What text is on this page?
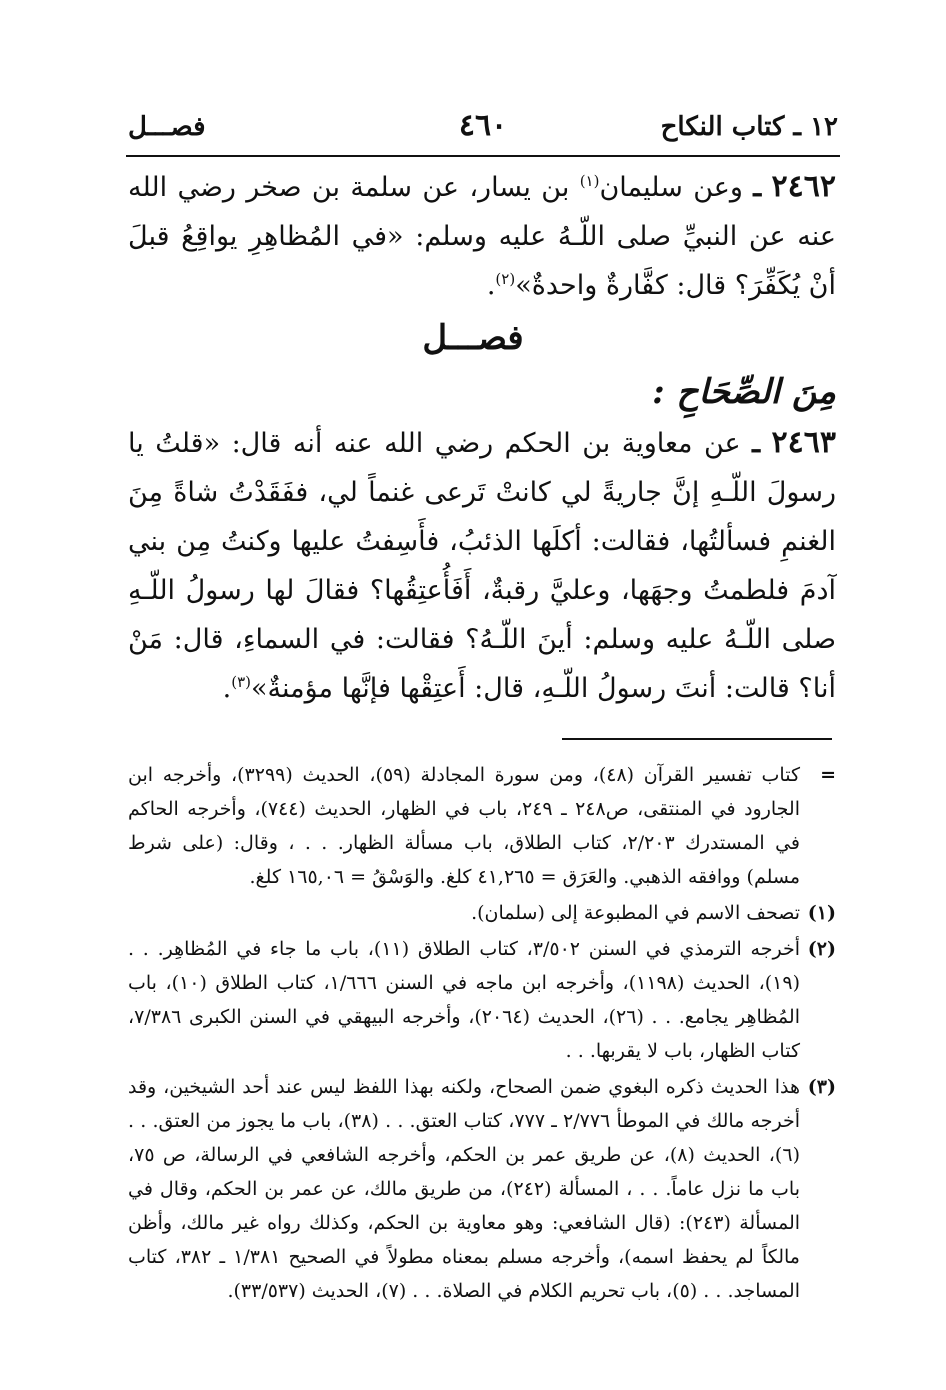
١٢ ـ كتاب النكاح
٤٦٠
فصـــل

٢٤٦٢ ـ وعن سليمان$^{(١)}$ بن يسار، عن سلمة بن صخر رضي الله عنه عن النبيِّ صلى اللّـهُ عليه وسلم: «في المُظاهِرِ يواقِعُ قبلَ أنْ يُكَفِّرَ؟ قال: كفَّارةٌ واحدةٌ»$^{(٢)}$.

فصـــل
مِنَ الصِّحَاحِ :

٢٤٦٣ ـ عن معاوية بن الحكم رضي الله عنه أنه قال: «قلتُ يا رسولَ اللّـهِ إنَّ جاريةً لي كانتْ تَرعى غنماً لي، ففَقَدْتُ شاةً مِنَ الغنمِ فسألتُها، فقالت: أكلَها الذئبُ، فأَسِفتُ عليها وكنتُ مِن بني آدمَ فلطمتُ وجهَها، وعليَّ رقبةٌ، أَفَأُعتِقُها؟ فقالَ لها رسولُ اللّـهِ صلى اللّـهُ عليه وسلم: أينَ اللّـهُ؟ فقالت: في السماءِ، قال: مَنْ أنا؟ قالت: أنتَ رسولُ اللّـهِ، قال: أَعتِقْها فإنَّها مؤمنةٌ»$^{(٣)}$.

=
كتاب تفسير القرآن (٤٨)، ومن سورة المجادلة (٥٩)، الحديث (٣٢٩٩)، وأخرجه ابن الجارود في المنتقى، ص٢٤٨ ـ ٢٤٩، باب في الظهار، الحديث (٧٤٤)، وأخرجه الحاكم في المستدرك ٢/٢٠٣، كتاب الطلاق، باب مسألة الظهار. . . ، وقال: (على شرط مسلم) ووافقه الذهبي. والعَرَق = ٤١,٢٦٥ كلغ. والوَسْقُ = ١٦٥,٠٦ كلغ.
(١)
تصحف الاسم في المطبوعة إلى (سلمان).
(٢)
أخرجه الترمذي في السنن ٣/٥٠٢، كتاب الطلاق (١١)، باب ما جاء في المُظاهِر. . . (١٩)، الحديث (١١٩٨)، وأخرجه ابن ماجه في السنن ١/٦٦٦، كتاب الطلاق (١٠)، باب المُظاهِر يجامع. . . (٢٦)، الحديث (٢٠٦٤)، وأخرجه البيهقي في السنن الكبرى ٧/٣٨٦، كتاب الظهار، باب لا يقربها. . .
(٣)
هذا الحديث ذكره البغوي ضمن الصحاح، ولكنه بهذا اللفظ ليس عند أحد الشيخين، وقد أخرجه مالك في الموطأ ٢/٧٧٦ ـ ٧٧٧، كتاب العتق. . . (٣٨)، باب ما يجوز من العتق. . . (٦)، الحديث (٨)، عن طريق عمر بن الحكم، وأخرجه الشافعي في الرسالة، ص ٧٥، باب ما نزل عاماً. . . ، المسألة (٢٤٢)، من طريق مالك، عن عمر بن الحكم، وقال في المسألة (٢٤٣): (قال الشافعي: وهو معاوية بن الحكم، وكذلك رواه غير مالك، وأظن مالكاً لم يحفظ اسمه)، وأخرجه مسلم بمعناه مطولاً في الصحيح ١/٣٨١ ـ ٣٨٢، كتاب المساجد. . . (٥)، باب تحريم الكلام في الصلاة. . . (٧)، الحديث (٣٣/٥٣٧).
